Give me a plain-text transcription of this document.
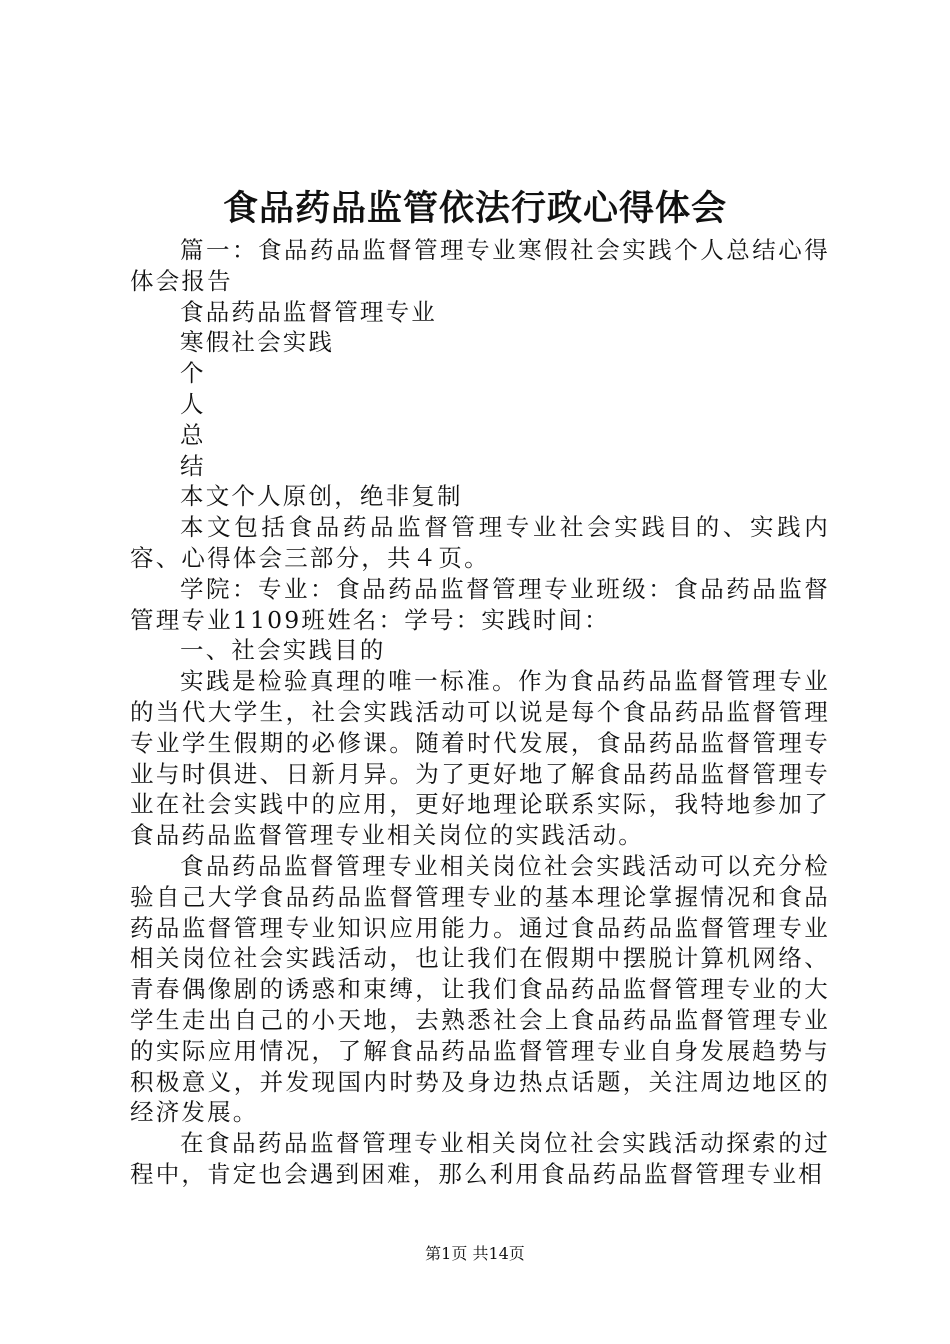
食品药品监管依法行政心得体会

篇一：食品药品监督管理专业寒假社会实践个人总结心得体会报告

食品药品监督管理专业

寒假社会实践

个

人

总

结

本文个人原创，绝非复制

本文包括食品药品监督管理专业社会实践目的、实践内容、心得体会三部分，共４页。

学院：专业：食品药品监督管理专业班级：食品药品监督管理专业1109班姓名：学号：实践时间：

一、社会实践目的

实践是检验真理的唯一标准。作为食品药品监督管理专业的当代大学生，社会实践活动可以说是每个食品药品监督管理专业学生假期的必修课。随着时代发展，食品药品监督管理专业与时俱进、日新月异。为了更好地了解食品药品监督管理专业在社会实践中的应用，更好地理论联系实际，我特地参加了食品药品监督管理专业相关岗位的实践活动。

食品药品监督管理专业相关岗位社会实践活动可以充分检验自己大学食品药品监督管理专业的基本理论掌握情况和食品药品监督管理专业知识应用能力。通过食品药品监督管理专业相关岗位社会实践活动，也让我们在假期中摆脱计算机网络、青春偶像剧的诱惑和束缚，让我们食品药品监督管理专业的大学生走出自己的小天地，去熟悉社会上食品药品监督管理专业的实际应用情况，了解食品药品监督管理专业自身发展趋势与积极意义，并发现国内时势及身边热点话题，关注周边地区的经济发展。

在食品药品监督管理专业相关岗位社会实践活动探索的过程中，肯定也会遇到困难，那么利用食品药品监督管理专业相

第1页 共14页
